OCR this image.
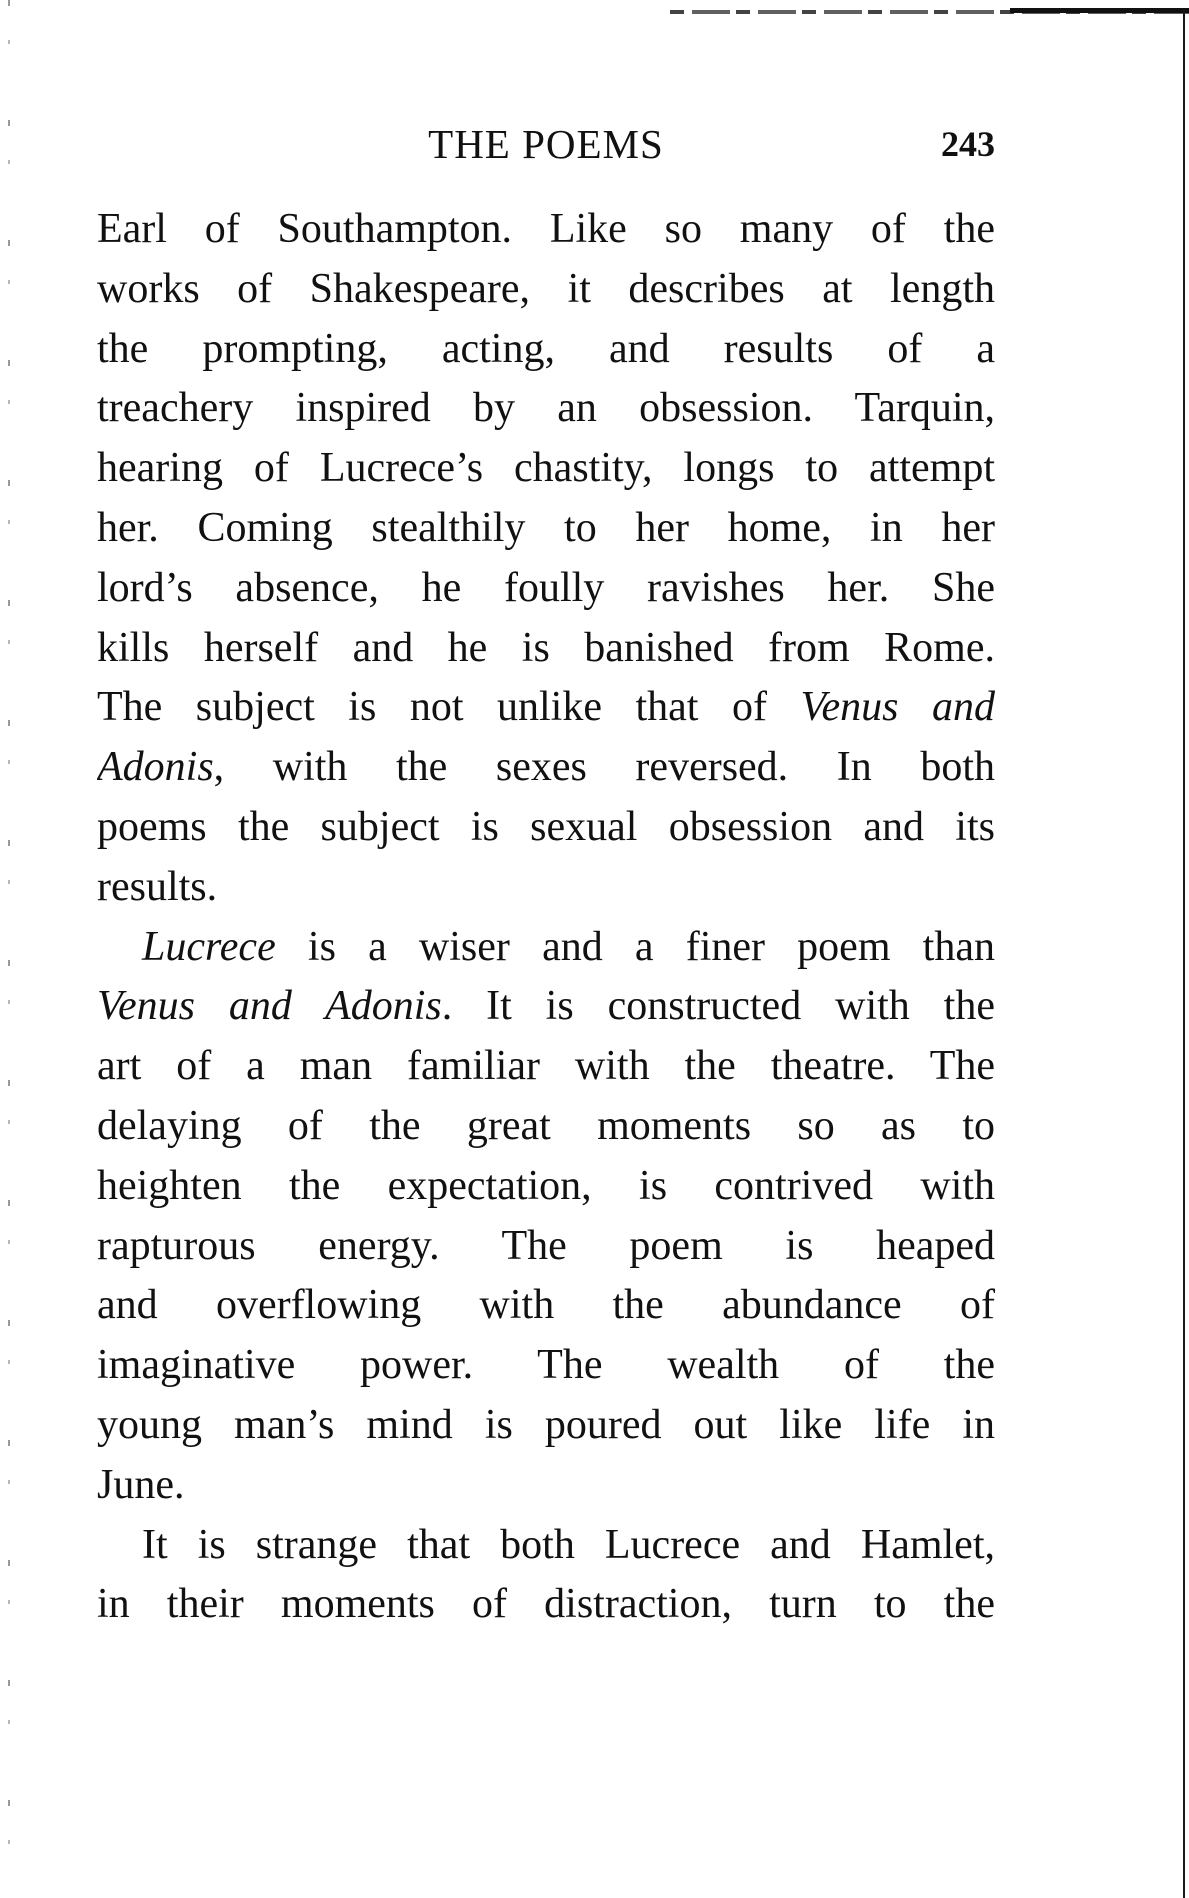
THE POEMS	243
Earl of Southampton. Like so many of the
works of Shakespeare, it describes at length
the prompting, acting, and results of a
treachery inspired by an obsession. Tarquin,
hearing of Lucrece’s chastity, longs to attempt
her. Coming stealthily to her home, in her
lord’s absence, he foully ravishes her. She
kills herself and he is banished from Rome.
The subject is not unlike that of Venus and
Adonis, with the sexes reversed. In both
poems the subject is sexual obsession and its
results.
Lucrece is a wiser and a finer poem than
Venus and Adonis. It is constructed with the
art of a man familiar with the theatre. The
delaying of the great moments so as to
heighten the expectation, is contrived with
rapturous energy. The poem is heaped
and overflowing with the abundance of
imaginative power. The wealth of the
young man’s mind is poured out like life in
June.
It is strange that both Lucrece and Hamlet,
in their moments of distraction, turn to the
